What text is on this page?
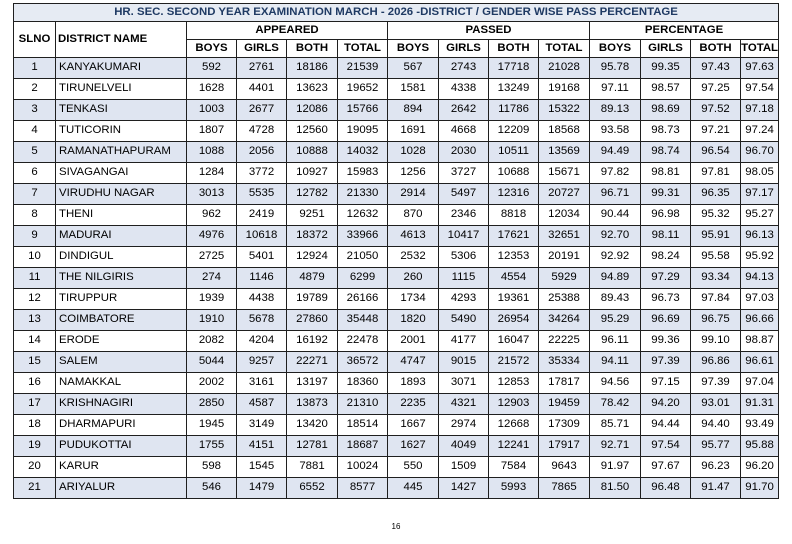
HR. SEC. SECOND YEAR EXAMINATION MARCH - 2026 -DISTRICT / GENDER WISE PASS PERCENTAGE													
SLNO	DISTRICT NAME	APPEARED				PASSED				PERCENTAGE			
		BOYS	GIRLS	BOTH	TOTAL	BOYS	GIRLS	BOTH	TOTAL	BOYS	GIRLS	BOTH	TOTAL
1	KANYAKUMARI	592	2761	18186	21539	567	2743	17718	21028	95.78	99.35	97.43	97.63
2	TIRUNELVELI	1628	4401	13623	19652	1581	4338	13249	19168	97.11	98.57	97.25	97.54
3	TENKASI	1003	2677	12086	15766	894	2642	11786	15322	89.13	98.69	97.52	97.18
4	TUTICORIN	1807	4728	12560	19095	1691	4668	12209	18568	93.58	98.73	97.21	97.24
5	RAMANATHAPURAM	1088	2056	10888	14032	1028	2030	10511	13569	94.49	98.74	96.54	96.70
6	SIVAGANGAI	1284	3772	10927	15983	1256	3727	10688	15671	97.82	98.81	97.81	98.05
7	VIRUDHU NAGAR	3013	5535	12782	21330	2914	5497	12316	20727	96.71	99.31	96.35	97.17
8	THENI	962	2419	9251	12632	870	2346	8818	12034	90.44	96.98	95.32	95.27
9	MADURAI	4976	10618	18372	33966	4613	10417	17621	32651	92.70	98.11	95.91	96.13
10	DINDIGUL	2725	5401	12924	21050	2532	5306	12353	20191	92.92	98.24	95.58	95.92
11	THE NILGIRIS	274	1146	4879	6299	260	1115	4554	5929	94.89	97.29	93.34	94.13
12	TIRUPPUR	1939	4438	19789	26166	1734	4293	19361	25388	89.43	96.73	97.84	97.03
13	COIMBATORE	1910	5678	27860	35448	1820	5490	26954	34264	95.29	96.69	96.75	96.66
14	ERODE	2082	4204	16192	22478	2001	4177	16047	22225	96.11	99.36	99.10	98.87
15	SALEM	5044	9257	22271	36572	4747	9015	21572	35334	94.11	97.39	96.86	96.61
16	NAMAKKAL	2002	3161	13197	18360	1893	3071	12853	17817	94.56	97.15	97.39	97.04
17	KRISHNAGIRI	2850	4587	13873	21310	2235	4321	12903	19459	78.42	94.20	93.01	91.31
18	DHARMAPURI	1945	3149	13420	18514	1667	2974	12668	17309	85.71	94.44	94.40	93.49
19	PUDUKOTTAI	1755	4151	12781	18687	1627	4049	12241	17917	92.71	97.54	95.77	95.88
20	KARUR	598	1545	7881	10024	550	1509	7584	9643	91.97	97.67	96.23	96.20
21	ARIYALUR	546	1479	6552	8577	445	1427	5993	7865	81.50	96.48	91.47	91.70
16
